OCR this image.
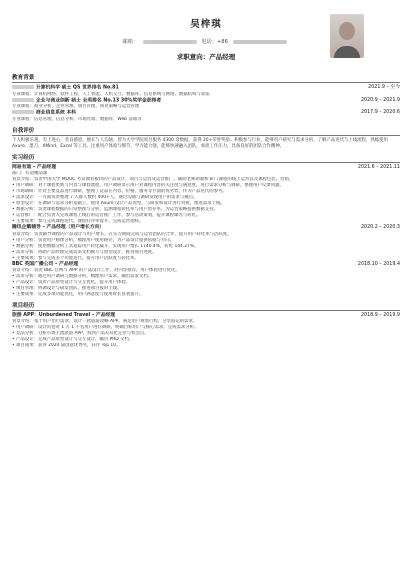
吴梓琪
邮箱：	电话：+86
求职意向：产品经理
教育背景
计算机科学 硕士 QS 世界排名 No.81	2021.9 – 至今
专业课程：计算机网络、软件工程、人工智能、人机交互、数据库、信息系统与网络、数据结构与算法
企业与商业创新 硕士 全英排名 No.13 30%奖学金获得者	2020.9 – 2021.9
专业课程：商业分析、企业管理、项目管理、商业策略与运营管理
商业信息系统 本科	2017.9 – 2020.6
专业课程：信息管理、信息分析、市场营销、数据库、Web 前端等
自我评价
个人积极乐观，有上进心，善良感恩，擅长与人沟通，曾为大学学院项目服务 4300 余数据，获得 20+荣誉奖励。积极参与行业，能够用户研究与需求分析，了解产品迭代与上线流程，熟练使用 Axure、墨刀、XMind、Excel 等工具。注重用户体验与细节，学习能力强，能够快速融入团队，承担工作压力，具备良好的团队合作精神。
实习经历
网易有道 – 产品经理	2021.6 – 2021.11
部门：有道精品课
背景介绍：负责中国大学 MOOC 考证教育板块的产品设计，项目与运营及运营推广。辅助老师助教和 8 门课程的线上运营以及课程包装、营销。
• 用户调研：对于课程更新与内容与课程流程，用户调研显示用户对课程内容的关注度与满意度，进行需求分析与调研，整理用户反馈问题。
• 市场调研：针对主要竞品进行调研，整理了竞品在内容、价格、服务等方面的优劣势，作为产品迭代的参考。
• 需求设计：一方面负责整理 7 人群人数约 400+人，通过沟通与调研发现用户的需求与痛点。
• 原型设计：在调研与需求分析基础上，使用 Axure 设计产品原型，与研发和设计进行对接，推进需求上线。
• 数据分析：负责课程数据的日常整理与分析，监测课程转化率与用户留存率，为运营策略提供数据支持。
• 运营推广：配合负责人完成课程上线后的运营推广工作，参与活动策划，提升课程曝光与转化。
• 主要成果：参与完成课程迭代，课程好评率提升，完成运营指标。
腾讯企鹅辅导 – 产品经理（用户增长方向）	2020.2 – 2020.3
背景介绍：负责辅导课程的产品设计与用户增长，在实习期间完成与运营团队的合作，提升用户转化率与活跃度。
• 用户分析：负责用户画像分析，梳理用户使用路径，为产品设计提供依据与方向。
• 数据分析：使用数据分析工具追踪用户转化漏斗，实现用户增长 1740.4%，转化 144.27%。
• 需求分析：协助产品经理完成需求文档撰写与原型设计，推进项目进度。
• 主要成果：参与完成多个功能迭代，提升用户活跃度与转化率。
BBC 英国广播公司 – 产品经理	2018.10 – 2019.4
背景介绍：负责 BBC 官网与 APP 的产品设计工作，对内容推荐、用户体验进行优化。
• 需求分析：通过用户调研与数据分析，梳理用户需求，输出需求文档。
• 产品设计：负责产品原型设计与交互优化，提升用户体验。
• 项目管理：协调设计与研发团队，推进项目按时上线。
• 主要成果：完成多项功能优化，用户满意度与使用时长显著提升。
项目经历
旅游 APP：Unburdened Travel – 产品经理	2018.9 – 2019.9
背景介绍：基于用户出行需求，设计一款旅游攻略 APP，满足用户规划行程、分享游记的需求。
• 用户调研：设计问卷对 1 万 1 千名用户进行调研，明确目标用户与核心需求，完成需求分析。
• 竞品分析：分析市场主流旅游 APP，找到产品差异化定位与机会点。
• 产品设计：完成产品原型设计与交互设计，输出 PRD 文档。
• 项目成果：获得 2020 届创意优秀奖，获评 Top 10。
